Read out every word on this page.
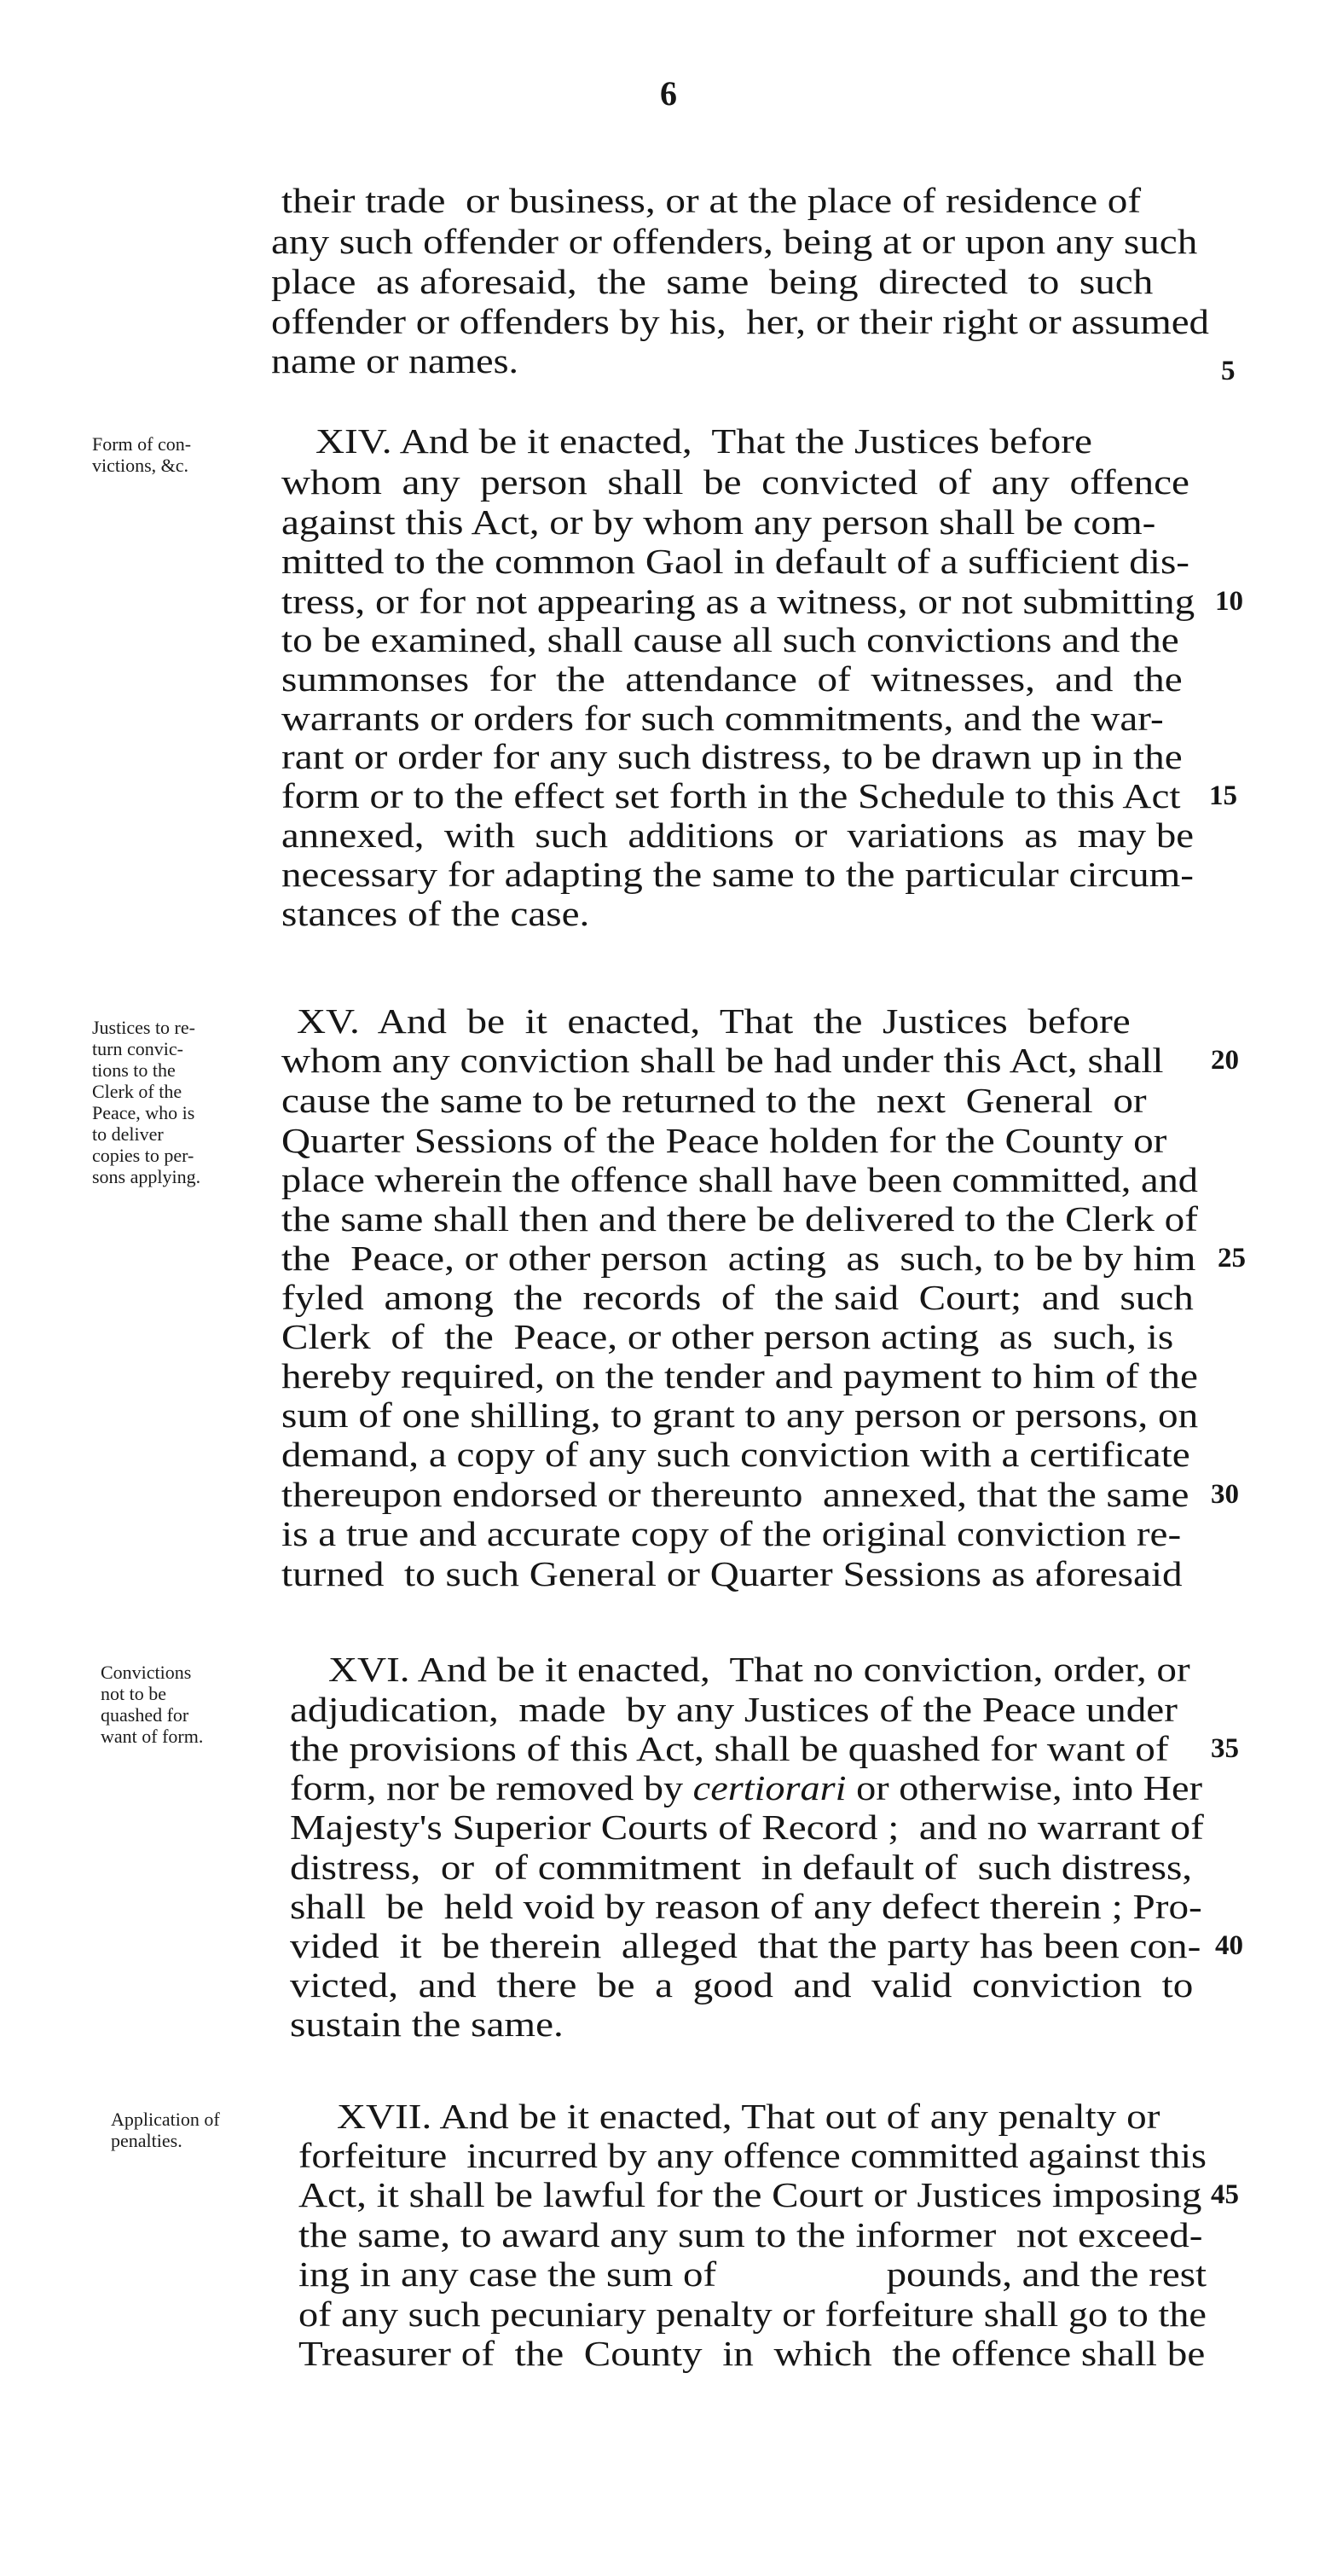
6
their trade  or business, or at the place of residence of
any such offender or offenders, being at or upon any such
place  as aforesaid,  the  same  being  directed  to  such
offender or offenders by his,  her, or their right or assumed
name or names.
Form of con-
victions, &c.
XIV. And be it enacted,  That the Justices before
whom  any  person  shall  be  convicted  of  any  offence
against this Act, or by whom any person shall be com-
mitted to the common Gaol in default of a sufficient dis-
tress, or for not appearing as a witness, or not submitting
to be examined, shall cause all such convictions and the
summonses  for  the  attendance  of  witnesses,  and  the
warrants or orders for such commitments, and the war-
rant or order for any such distress, to be drawn up in the
form or to the effect set forth in the Schedule to this Act
annexed,  with  such  additions  or  variations  as  may be
necessary for adapting the same to the particular circum-
stances of the case.
Justices to re-
turn convic-
tions to the
Clerk of the
Peace, who is
to deliver
copies to per-
sons applying.
XV.  And  be  it  enacted,  That  the  Justices  before
whom any conviction shall be had under this Act, shall
cause the same to be returned to the  next  General  or
Quarter Sessions of the Peace holden for the County or
place wherein the offence shall have been committed, and
the same shall then and there be delivered to the Clerk of
the  Peace, or other person  acting  as  such, to be by him
fyled  among  the  records  of  the said  Court;  and  such
Clerk  of  the  Peace, or other person acting  as  such, is
hereby required, on the tender and payment to him of the
sum of one shilling, to grant to any person or persons, on
demand, a copy of any such conviction with a certificate
thereupon endorsed or thereunto  annexed, that the same
is a true and accurate copy of the original conviction re-
turned  to such General or Quarter Sessions as aforesaid
Convictions
not to be
quashed for
want of form.
XVI. And be it enacted,  That no conviction, order, or
adjudication,  made  by any Justices of the Peace under
the provisions of this Act, shall be quashed for want of
form, nor be removed by certiorari or otherwise, into Her
Majesty's Superior Courts of Record ;  and no warrant of
distress,  or  of commitment  in default of  such distress,
shall  be  held void by reason of any defect therein ; Pro-
vided  it  be therein  alleged  that the party has been con-
victed,  and  there  be  a  good  and  valid  conviction  to
sustain the same.
Application of
penalties.
XVII. And be it enacted, That out of any penalty or
forfeiture  incurred by any offence committed against this
Act, it shall be lawful for the Court or Justices imposing
the same, to award any sum to the informer  not exceed-
ing in any case the sum of                 pounds, and the rest
of any such pecuniary penalty or forfeiture shall go to the
Treasurer of  the  County  in  which  the offence shall be
5
10
15
20
25
30
35
40
45
